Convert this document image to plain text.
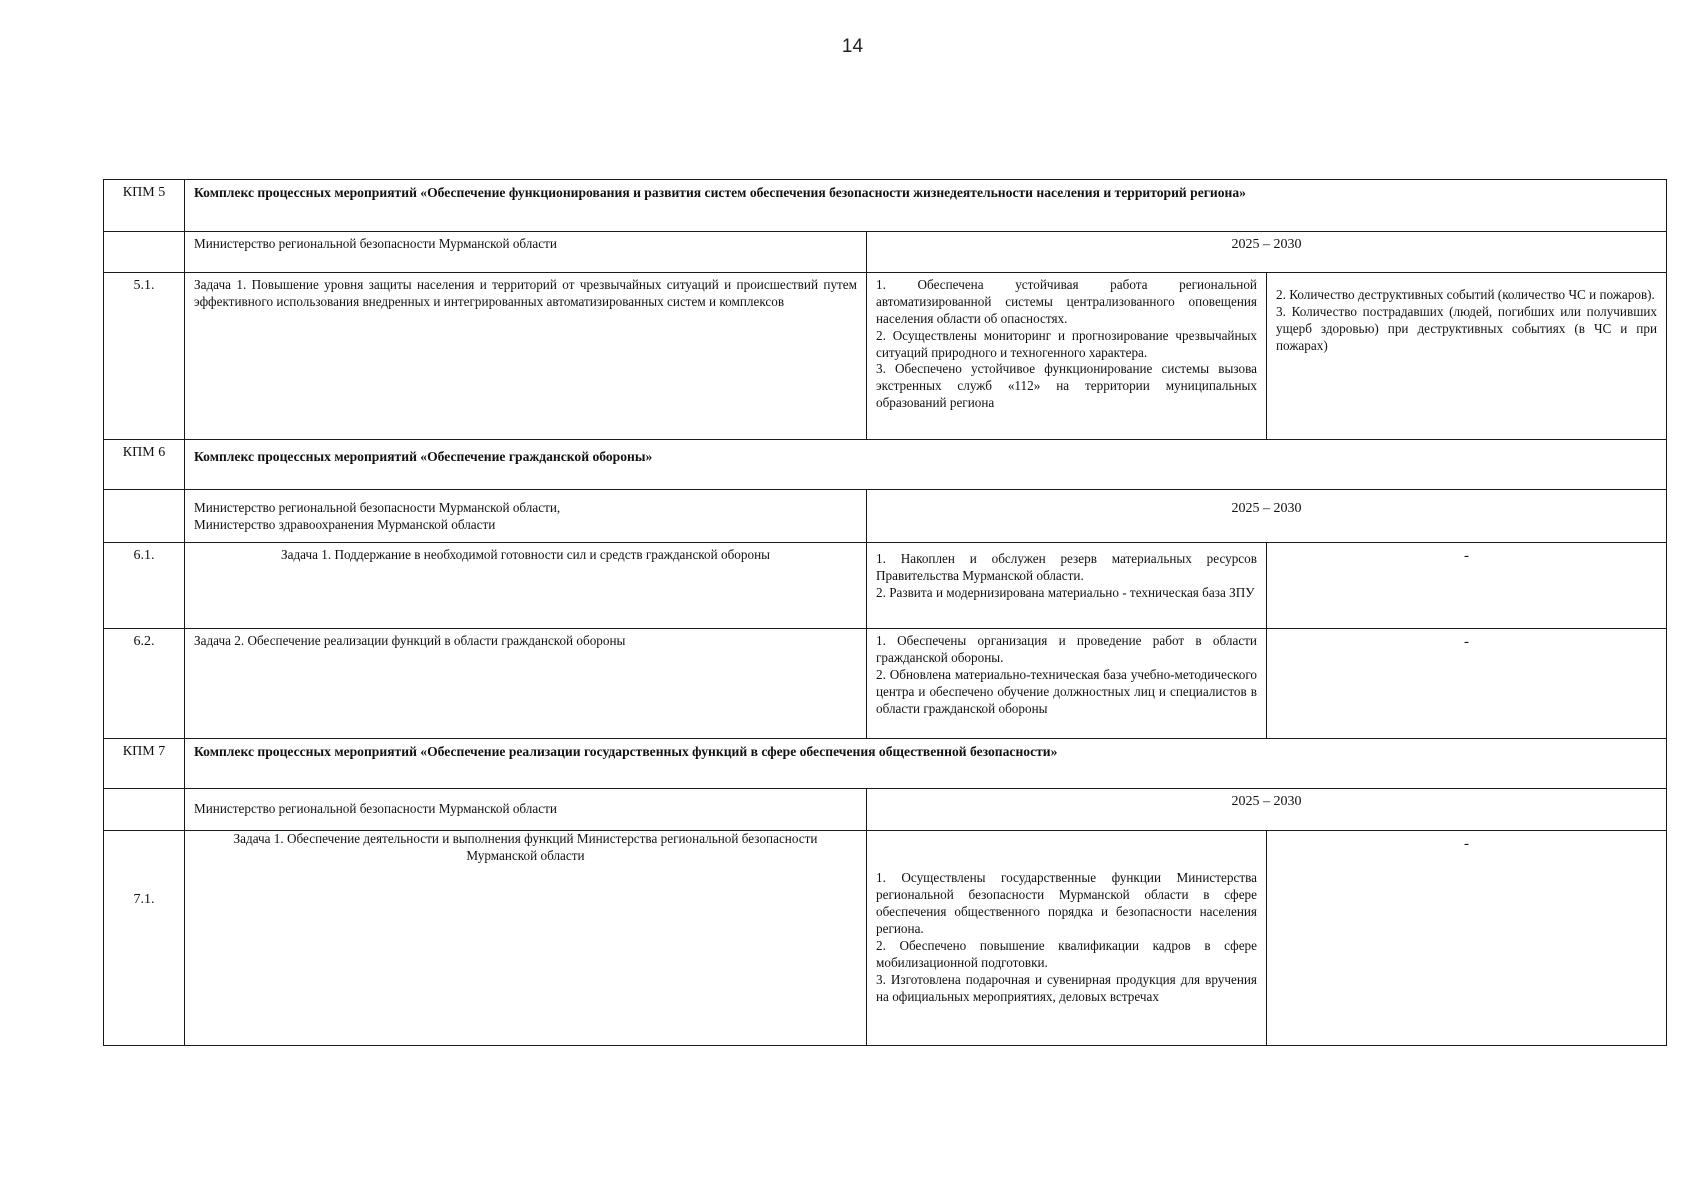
14
КПМ 5	Комплекс процессных мероприятий «Обеспечение функционирования и развития систем обеспечения безопасности жизнедеятельности населения и территорий региона»		

	Министерство региональной безопасности Мурманской области	2025 – 2030	
5.1.	Задача 1. Повышение уровня защиты населения и территорий от чрезвычайных ситуаций и происшествий путем эффективного использования внедренных и интегрированных автоматизированных систем и комплексов	1. Обеспечена устойчивая работа региональной автоматизированной системы централизованного оповещения населения области об опасностях.
2. Осуществлены мониторинг и прогнозирование чрезвычайных ситуаций природного и техногенного характера.
3. Обеспечено устойчивое функционирование системы вызова экстренных служб «112» на территории муниципальных образований региона	2. Количество деструктивных событий (количество ЧС и пожаров).
3. Количество пострадавших (людей, погибших или получивших ущерб здоровью) при деструктивных событиях (в ЧС и при пожарах)

КПМ 6	Комплекс процессных мероприятий «Обеспечение гражданской обороны»		

	Министерство региональной безопасности Мурманской области,
Министерство здравоохранения Мурманской области	2025 – 2030	
6.1.	Задача 1. Поддержание в необходимой готовности сил и средств гражданской обороны	1. Накоплен и обслужен резерв материальных ресурсов Правительства Мурманской области.
2. Развита и модернизирована материально - техническая база ЗПУ	-
6.2.	Задача 2. Обеспечение реализации функций в области гражданской обороны	1. Обеспечены организация и проведение работ в области гражданской обороны.
2. Обновлена материально-техническая база учебно-методического центра и обеспечено обучение должностных лиц и специалистов в области гражданской обороны	-
КПМ 7	Комплекс процессных мероприятий «Обеспечение реализации государственных функций в сфере обеспечения общественной безопасности»		

	Министерство региональной безопасности Мурманской области	2025 – 2030	
7.1.	Задача 1. Обеспечение деятельности и выполнения функций Министерства региональной безопасности Мурманской области	1. Осуществлены государственные функции Министерства региональной безопасности Мурманской области в сфере обеспечения общественного порядка и безопасности населения региона.
2. Обеспечено повышение квалификации кадров в сфере мобилизационной подготовки.
3. Изготовлена подарочная и сувенирная продукция для вручения на официальных мероприятиях, деловых встречах	-
